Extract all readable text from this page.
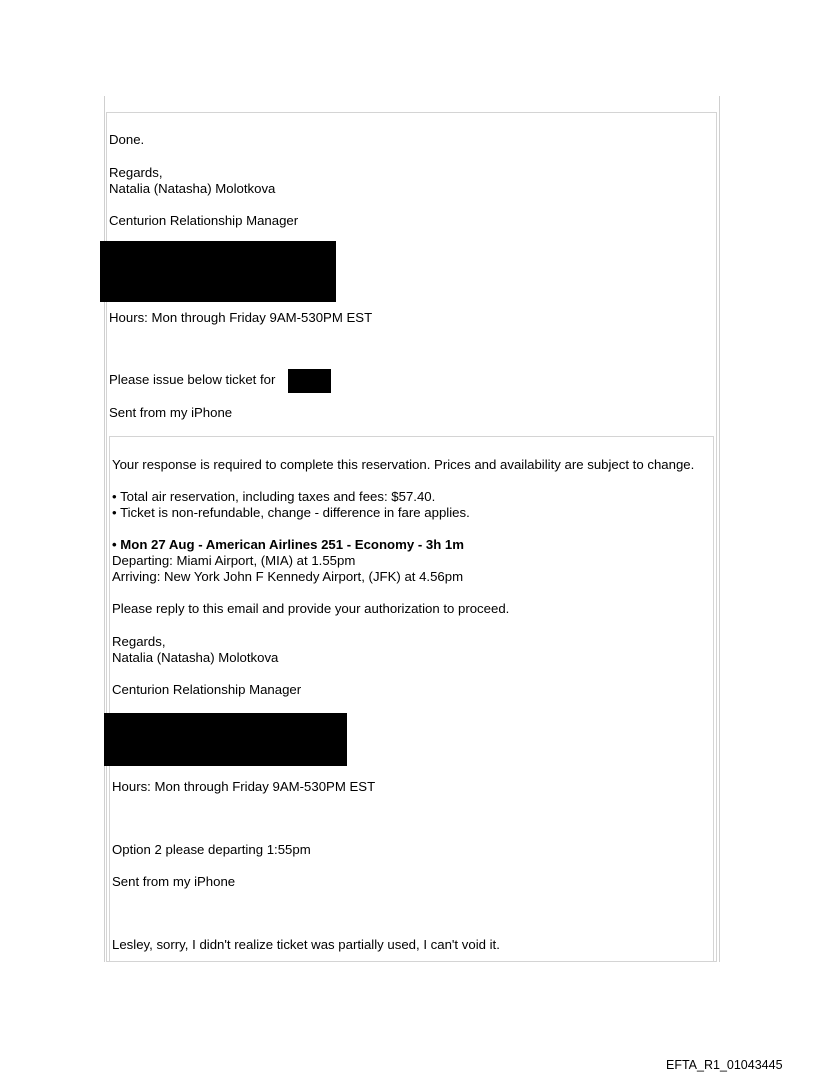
Done.
Regards,
Natalia (Natasha) Molotkova
Centurion Relationship Manager
Hours: Mon through Friday 9AM-530PM EST
Please issue below ticket for
Sent from my iPhone
Your response is required to complete this reservation. Prices and availability are subject to change.
• Total air reservation, including taxes and fees: $57.40.
• Ticket is non-refundable, change - difference in fare applies.
• Mon 27 Aug - American Airlines 251 - Economy - 3h 1m
Departing: Miami Airport, (MIA) at 1.55pm
Arriving: New York John F Kennedy Airport, (JFK) at 4.56pm
Please reply to this email and provide your authorization to proceed.
Regards,
Natalia (Natasha) Molotkova
Centurion Relationship Manager
Hours: Mon through Friday 9AM-530PM EST
Option 2 please departing 1:55pm
Sent from my iPhone
Lesley, sorry, I didn't realize ticket was partially used, I can't void it.
EFTA_R1_01043445
